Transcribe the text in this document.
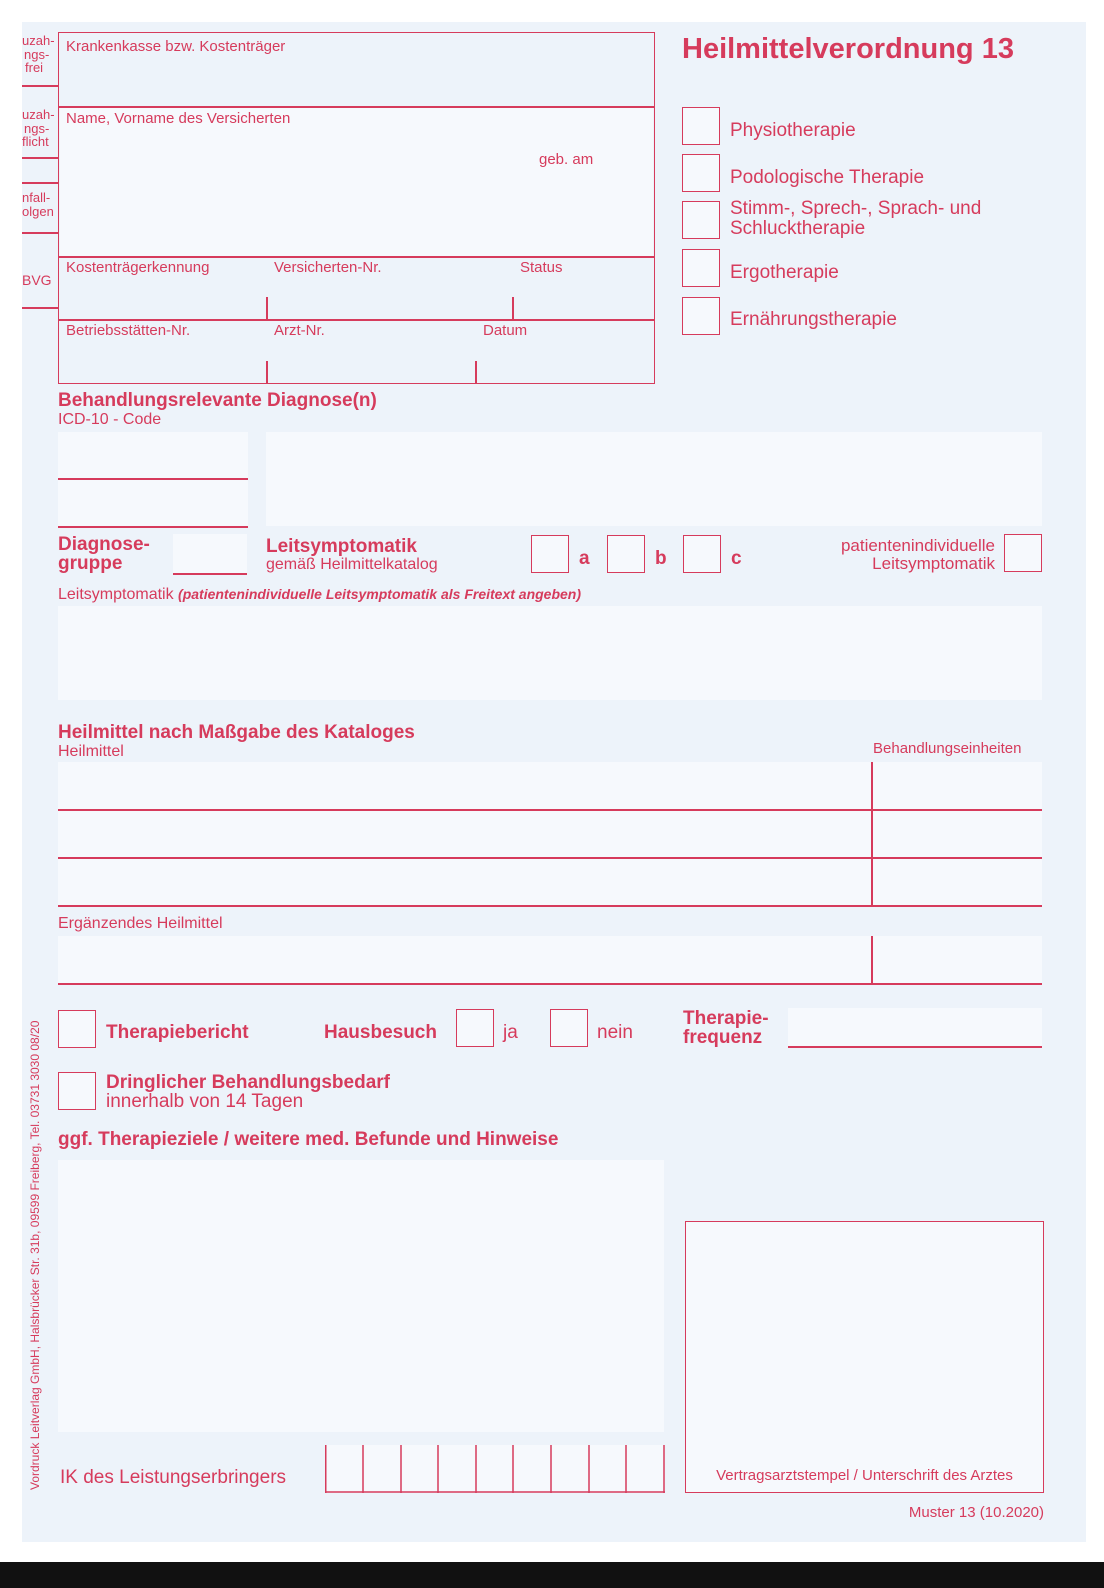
uzah-
ngs-
frei
uzah-
ngs-
flicht
nfall-
olgen
BVG
Krankenkasse bzw. Kostenträger
Name, Vorname des Versicherten
geb. am
Kostenträgerkennung	Versicherten-Nr.	Status
Betriebsstätten-Nr.	Arzt-Nr.	Datum
Heilmittelverordnung 13
Physiotherapie
Podologische Therapie
Stimm-, Sprech-, Sprach- und
Schlucktherapie
Ergotherapie
Ernährungstherapie
Behandlungsrelevante Diagnose(n)
ICD-10 - Code
Diagnose-
gruppe
Leitsymptomatik
gemäß Heilmittelkatalog	a	b	c
patientenindividuelle
Leitsymptomatik
Leitsymptomatik (patientenindividuelle Leitsymptomatik als Freitext angeben)
Heilmittel nach Maßgabe des Kataloges
Heilmittel	Behandlungseinheiten
Ergänzendes Heilmittel
Therapiebericht	Hausbesuch	ja	nein
Therapie-
frequenz
Dringlicher Behandlungsbedarf
innerhalb von 14 Tagen
ggf. Therapieziele / weitere med. Befunde und Hinweise
Vertragsarztstempel / Unterschrift des Arztes
IK des Leistungserbringers
Muster 13 (10.2020)
Vordruck Leitverlag GmbH, Halsbrücker Str. 31b, 09599 Freiberg, Tel. 03731 3030 08/20
